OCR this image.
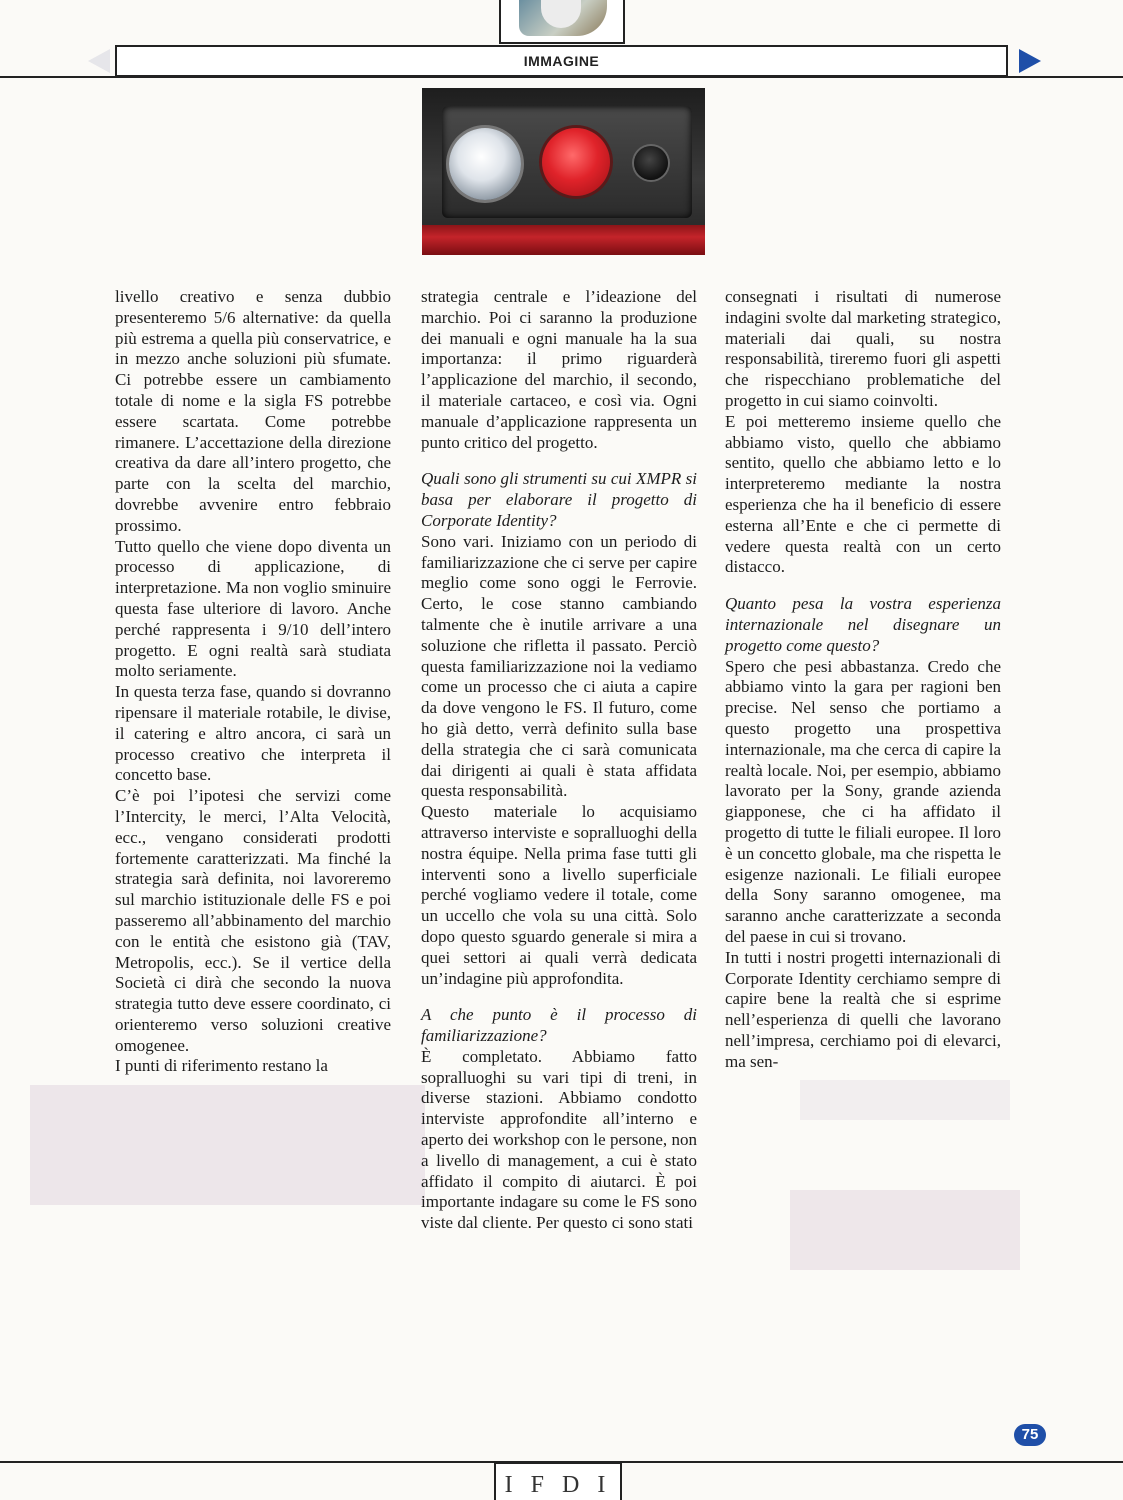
IMMAGINE

livello creativo e senza dubbio presenteremo 5/6 alternative: da quella più estrema a quella più conservatrice, e in mezzo anche soluzioni più sfumate. Ci potrebbe essere un cambiamento totale di nome e la sigla FS potrebbe essere scartata. Come potrebbe rimanere. L’accettazione della direzione creativa da dare all’intero progetto, che parte con la scelta del marchio, dovrebbe avvenire entro febbraio prossimo.

Tutto quello che viene dopo diventa un processo di applicazione, di interpretazione. Ma non voglio sminuire questa fase ulteriore di lavoro. Anche perché rappresenta i 9/10 dell’intero progetto. E ogni realtà sarà studiata molto seriamente.

In questa terza fase, quando si dovranno ripensare il materiale rotabile, le divise, il catering e altro ancora, ci sarà un processo creativo che interpreta il concetto base.

C’è poi l’ipotesi che servizi come l’Intercity, le merci, l’Alta Velocità, ecc., vengano considerati prodotti fortemente caratterizzati. Ma finché la strategia sarà definita, noi lavoreremo sul marchio istituzionale delle FS e poi passeremo all’abbinamento del marchio con le entità che esistono già (TAV, Metropolis, ecc.). Se il vertice della Società ci dirà che secondo la nuova strategia tutto deve essere coordinato, ci orienteremo verso soluzioni creative omogenee.

I punti di riferimento restano la

strategia centrale e l’ideazione del marchio. Poi ci saranno la produzione dei manuali e ogni manuale ha la sua importanza: il primo riguarderà l’applicazione del marchio, il secondo, il materiale cartaceo, e così via. Ogni manuale d’applicazione rappresenta un punto critico del progetto.

Quali sono gli strumenti su cui XMPR si basa per elaborare il progetto di Corporate Identity?

Sono vari. Iniziamo con un periodo di familiarizzazione che ci serve per capire meglio come sono oggi le Ferrovie. Certo, le cose stanno cambiando talmente che è inutile arrivare a una soluzione che rifletta il passato. Perciò questa familiarizzazione noi la vediamo come un processo che ci aiuta a capire da dove vengono le FS. Il futuro, come ho già detto, verrà definito sulla base della strategia che ci sarà comunicata dai dirigenti ai quali è stata affidata questa responsabilità.

Questo materiale lo acquisiamo attraverso interviste e sopralluoghi della nostra équipe. Nella prima fase tutti gli interventi sono a livello superficiale perché vogliamo vedere il totale, come un uccello che vola su una città. Solo dopo questo sguardo generale si mira a quei settori ai quali verrà dedicata un’indagine più approfondita.

A che punto è il processo di familiarizzazione?

È completato. Abbiamo fatto sopralluoghi su vari tipi di treni, in diverse stazioni. Abbiamo condotto interviste approfondite all’interno e aperto dei workshop con le persone, non a livello di management, a cui è stato affidato il compito di aiutarci. È poi importante indagare su come le FS sono viste dal cliente. Per questo ci sono stati

consegnati i risultati di numerose indagini svolte dal marketing strategico, materiali dai quali, su nostra responsabilità, tireremo fuori gli aspetti che rispecchiano problematiche del progetto in cui siamo coinvolti.

E poi metteremo insieme quello che abbiamo visto, quello che abbiamo sentito, quello che abbiamo letto e lo interpreteremo mediante la nostra esperienza che ha il beneficio di essere esterna all’Ente e che ci permette di vedere questa realtà con un certo distacco.

Quanto pesa la vostra esperienza internazionale nel disegnare un progetto come questo?

Spero che pesi abbastanza. Credo che abbiamo vinto la gara per ragioni ben precise. Nel senso che portiamo a questo progetto una prospettiva internazionale, ma che cerca di capire la realtà locale. Noi, per esempio, abbiamo lavorato per la Sony, grande azienda giapponese, che ci ha affidato il progetto di tutte le filiali europee. Il loro è un concetto globale, ma che rispetta le esigenze nazionali. Le filiali europee della Sony saranno omogenee, ma saranno anche caratterizzate a seconda del paese in cui si trovano.

In tutti i nostri progetti internazionali di Corporate Identity cerchiamo sempre di capire bene la realtà che si esprime nell’esperienza di quelli che lavorano nell’impresa, cerchiamo poi di elevarci, ma sen-

I F D I
75
